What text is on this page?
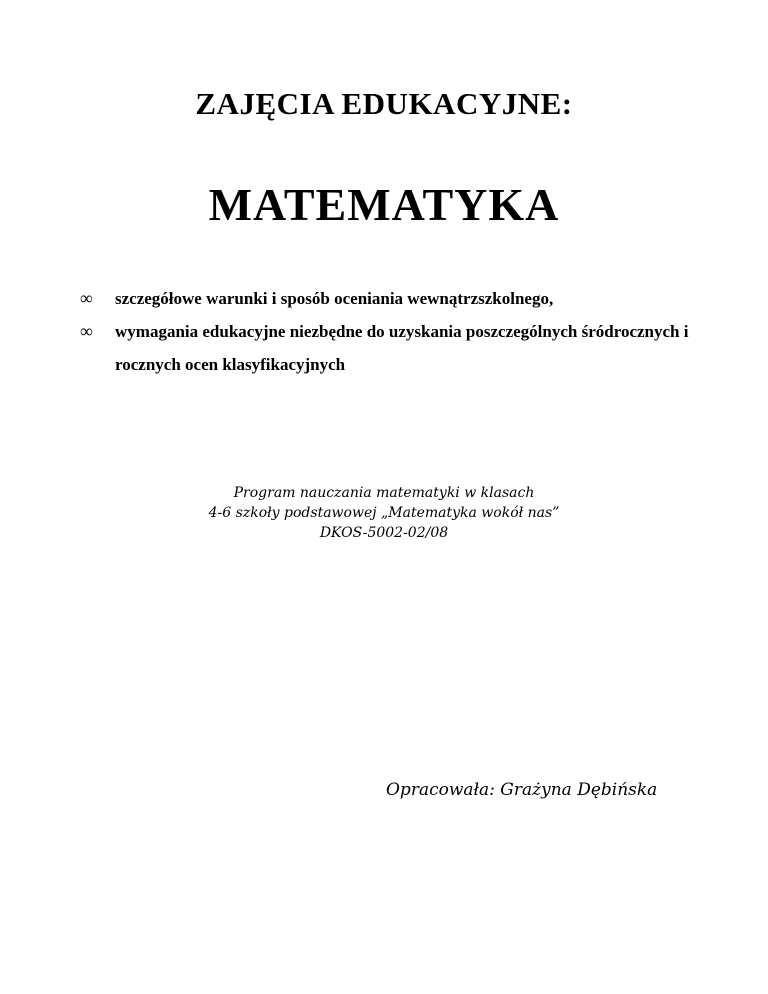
ZAJĘCIA EDUKACYJNE:
MATEMATYKA
∞ szczegółowe warunki i sposób oceniania wewnątrzszkolnego,
∞ wymagania edukacyjne niezbędne do uzyskania poszczególnych śródrocznych i rocznych ocen klasyfikacyjnych
Program nauczania matematyki w klasach
4-6 szkoły podstawowej „Matematyka wokół nas”
DKOS-5002-02/08
Opracowała: Grażyna Dębińska
